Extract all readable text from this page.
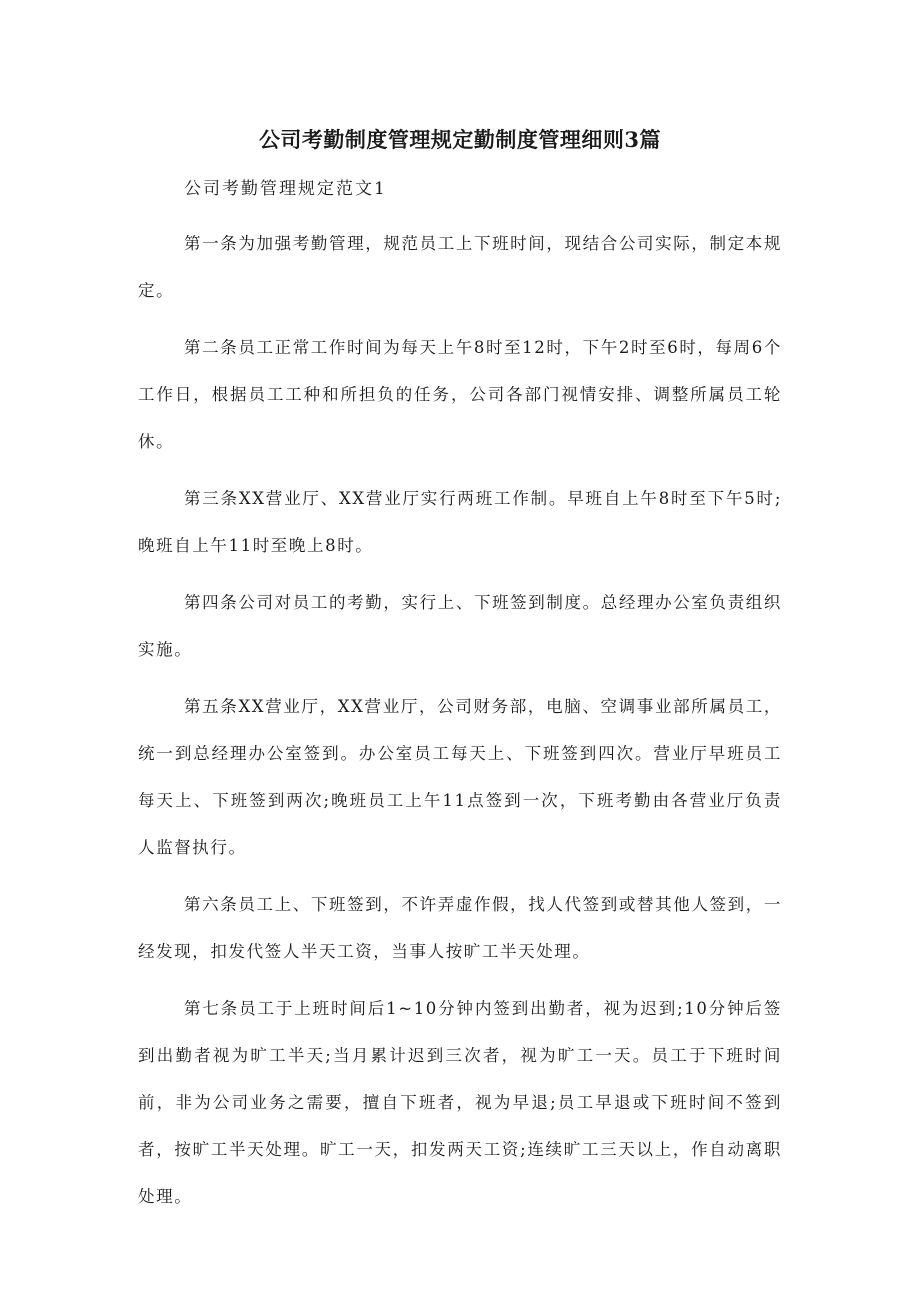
公司考勤制度管理规定勤制度管理细则3篇

公司考勤管理规定范文1

第一条为加强考勤管理，规范员工上下班时间，现结合公司实际，制定本规定。

第二条员工正常工作时间为每天上午8时至12时，下午2时至6时，每周6个工作日，根据员工工种和所担负的任务，公司各部门视情安排、调整所属员工轮休。

第三条XX营业厅、XX营业厅实行两班工作制。早班自上午8时至下午5时;晚班自上午11时至晚上8时。

第四条公司对员工的考勤，实行上、下班签到制度。总经理办公室负责组织实施。

第五条XX营业厅，XX营业厅，公司财务部，电脑、空调事业部所属员工，统一到总经理办公室签到。办公室员工每天上、下班签到四次。营业厅早班员工每天上、下班签到两次;晚班员工上午11点签到一次，下班考勤由各营业厅负责人监督执行。

第六条员工上、下班签到，不许弄虚作假，找人代签到或替其他人签到，一经发现，扣发代签人半天工资，当事人按旷工半天处理。

第七条员工于上班时间后1~10分钟内签到出勤者，视为迟到;10分钟后签到出勤者视为旷工半天;当月累计迟到三次者，视为旷工一天。员工于下班时间前，非为公司业务之需要，擅自下班者，视为早退;员工早退或下班时间不签到者，按旷工半天处理。旷工一天，扣发两天工资;连续旷工三天以上，作自动离职处理。
